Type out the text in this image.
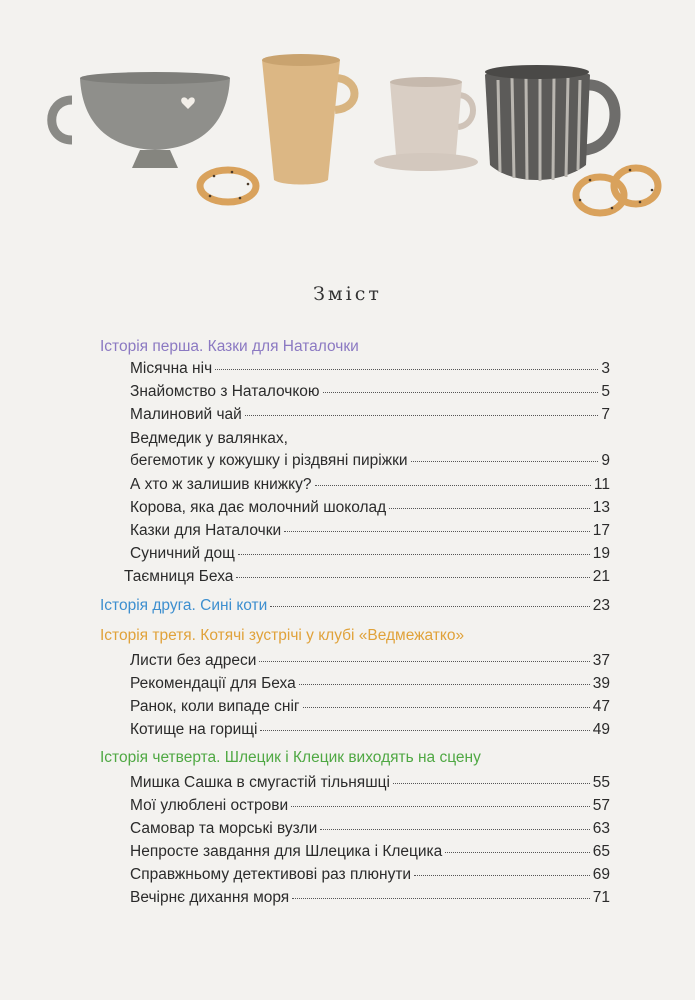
Зміст
Історія перша. Казки для Наталочки
Місячна ніч	3
Знайомство з Наталочкою	5
Малиновий чай	7
Ведмедик у валянках,
бегемотик у кожушку і різдвяні пиріжки	9
А хто ж залишив книжку?	11
Корова, яка дає молочний шоколад	13
Казки для Наталочки	17
Суничний дощ	19
Таємниця Беха	21
Історія друга. Сині коти	23
Історія третя. Котячі зустрічі у клубі «Ведмежатко»
Листи без адреси	37
Рекомендації для Беха	39
Ранок, коли випаде сніг	47
Котище на горищі	49
Історія четверта. Шлецик і Клецик виходять на сцену
Мишка Сашка в смугастій тільняшці	55
Мої улюблені острови	57
Самовар та морські вузли	63
Непросте завдання для Шлецика і Клецика	65
Справжньому детективові раз плюнути	69
Вечірнє дихання моря	71
